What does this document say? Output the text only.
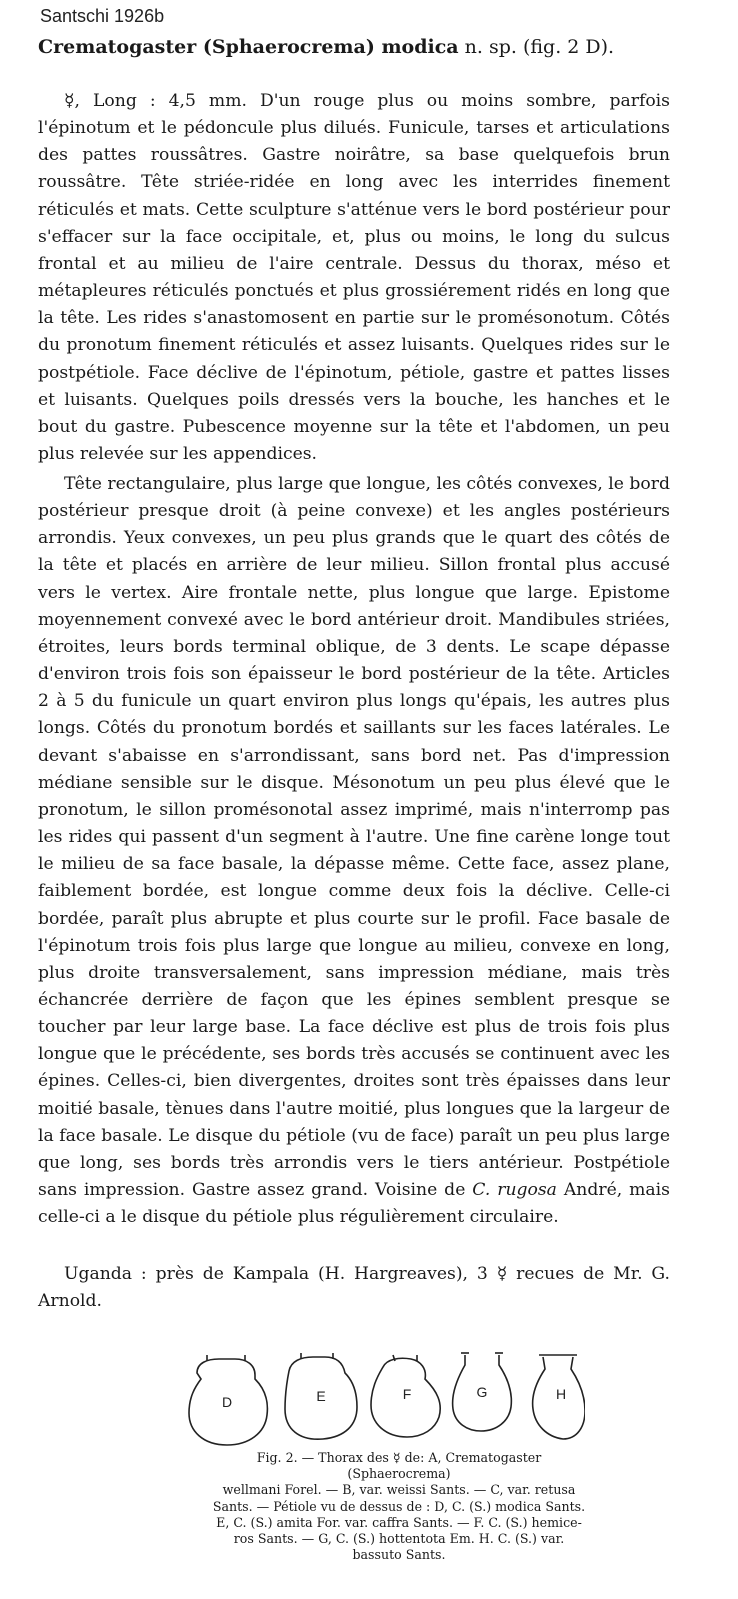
Santschi 1926b
Crematogaster (Sphaerocrema) modica n. sp. (fig. 2 D).

☿, Long : 4,5 mm. D'un rouge plus ou moins sombre, parfois l'épinotum et le pédoncule plus dilués. Funicule, tarses et articulations des pattes roussâtres. Gastre noirâtre, sa base quelquefois brun roussâtre. Tête striée-ridée en long avec les interrides finement réticulés et mats. Cette sculpture s'atténue vers le bord postérieur pour s'effacer sur la face occipitale, et, plus ou moins, le long du sulcus frontal et au milieu de l'aire centrale. Dessus du thorax, méso et métapleures réticulés ponctués et plus grossiérement ridés en long que la tête. Les rides s'anastomosent en partie sur le promésonotum. Côtés du pronotum finement réticulés et assez luisants. Quelques rides sur le postpétiole. Face déclive de l'épinotum, pétiole, gastre et pattes lisses et luisants. Quelques poils dressés vers la bouche, les hanches et le bout du gastre. Pubescence moyenne sur la tête et l'abdomen, un peu plus relevée sur les appendices.

Tête rectangulaire, plus large que longue, les côtés convexes, le bord postérieur presque droit (à peine convexe) et les angles postérieurs arrondis. Yeux convexes, un peu plus grands que le quart des côtés de la tête et placés en arrière de leur milieu. Sillon frontal plus accusé vers le vertex. Aire frontale nette, plus longue que large. Epistome moyennement convexé avec le bord antérieur droit. Mandibules striées, étroites, leurs bords terminal oblique, de 3 dents. Le scape dépasse d'environ trois fois son épaisseur le bord postérieur de la tête. Articles 2 à 5 du funicule un quart environ plus longs qu'épais, les autres plus longs. Côtés du pronotum bordés et saillants sur les faces latérales. Le devant s'abaisse en s'arrondissant, sans bord net. Pas d'impression médiane sensible sur le disque. Mésonotum un peu plus élevé que le pronotum, le sillon promésonotal assez imprimé, mais n'interromp pas les rides qui passent d'un segment à l'autre. Une fine carène longe tout le milieu de sa face basale, la dépasse même. Cette face, assez plane, faiblement bordée, est longue comme deux fois la déclive. Celle-ci bordée, paraît plus abrupte et plus courte sur le profil. Face basale de l'épinotum trois fois plus large que longue au milieu, convexe en long, plus droite transversalement, sans impression médiane, mais très échancrée derrière de façon que les épines semblent presque se toucher par leur large base. La face déclive est plus de trois fois plus longue que le précédente, ses bords très accusés se continuent avec les épines. Celles-ci, bien divergentes, droites sont très épaisses dans leur moitié basale, tènues dans l'autre moitié, plus longues que la largeur de la face basale. Le disque du pétiole (vu de face) paraît un peu plus large que long, ses bords très arrondis vers le tiers antérieur. Postpétiole sans impression. Gastre assez grand. Voisine de C. rugosa André, mais celle-ci a le disque du pétiole plus régulièrement circulaire.

Uganda : près de Kampala (H. Hargreaves), 3 ☿ recues de Mr. G. Arnold.

D	E	F	G	H
Fig. 2. — Thorax des ☿ de: A, Crematogaster (Sphaerocrema)
wellmani Forel. — B, var. weissi Sants. — C, var. retusa
Sants. — Pétiole vu de dessus de : D, C. (S.) modica Sants.
E, C. (S.) amita For. var. caffra Sants. — F. C. (S.) hemice-
ros Sants. — G, C. (S.) hottentota Em. H. C. (S.) var.
bassuto Sants.
